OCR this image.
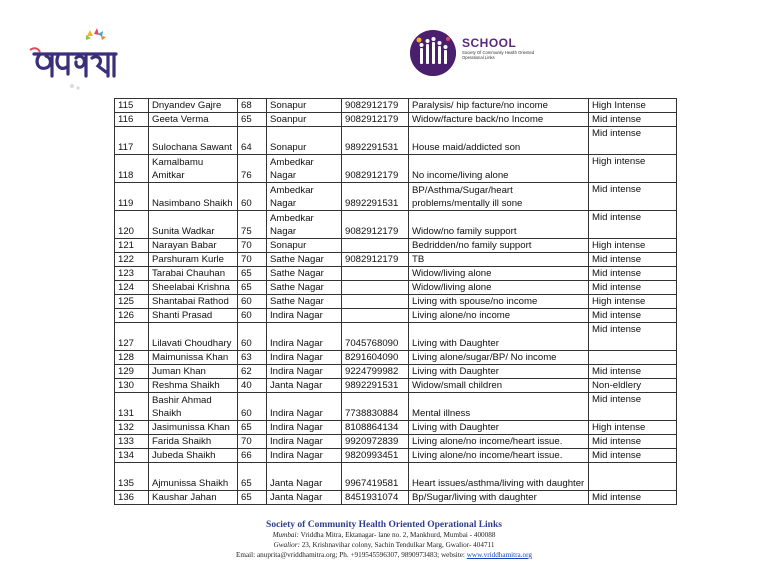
SCHOOL
Society Of Community Health Oriented Operational Links
115	Dnyandev Gajre	68	Sonapur	9082912179	Paralysis/ hip facture/no income	High Intense
116	Geeta Verma	65	Soanpur	9082912179	Widow/facture back/no Income	Mid intense
117	Sulochana Sawant	64	Sonapur	9892291531	House maid/addicted son	Mid intense
118	Kamalbamu Amitkar	76	Ambedkar Nagar	9082912179	No income/living alone	High intense
119	Nasimbano Shaikh	60	Ambedkar Nagar	9892291531	BP/Asthma/Sugar/heart problems/mentally ill sone	Mid intense
120	Sunita Wadkar	75	Ambedkar Nagar	9082912179	Widow/no family support	Mid intense
121	Narayan Babar	70	Sonapur		Bedridden/no family support	High intense
122	Parshuram Kurle	70	Sathe Nagar	9082912179	TB	Mid intense
123	Tarabai Chauhan	65	Sathe Nagar		Widow/living alone	Mid intense
124	Sheelabai Krishna	65	Sathe Nagar		Widow/living alone	Mid intense
125	Shantabai Rathod	60	Sathe Nagar		Living with spouse/no income	High intense
126	Shanti Prasad	60	Indira Nagar		Living alone/no income	Mid intense
127	Lilavati Choudhary	60	Indira Nagar	7045768090	Living with Daughter	Mid intense
128	Maimunissa Khan	63	Indira Nagar	8291604090	Living alone/sugar/BP/ No income	
129	Juman Khan	62	Indira Nagar	9224799982	Living with Daughter	Mid intense
130	Reshma Shaikh	40	Janta Nagar	9892291531	Widow/small children	Non-eldlery
131	Bashir Ahmad Shaikh	60	Indira Nagar	7738830884	Mental illness	Mid intense
132	Jasimunissa Khan	65	Indira Nagar	8108864134	Living with Daughter	High intense
133	Farida Shaikh	70	Indira Nagar	9920972839	Living alone/no income/heart issue.	Mid intense
134	Jubeda Shaikh	66	Indira Nagar	9820993451	Living alone/no income/heart issue.	Mid intense
135	Ajmunissa Shaikh	65	Janta Nagar	9967419581	Heart issues/asthma/living with daughter	
136	Kaushar Jahan	65	Janta Nagar	8451931074	Bp/Sugar/living with daughter	Mid intense
Society of Community Health Oriented Operational Links
Mumbai: Vriddha Mitra, Ektanagar- lane no. 2, Mankhurd, Mumbai - 400088
Gwalior: 23, Krishnavihar colony, Sachin Tendulkar Marg, Gwalior- 404711
Email: anuprita@vriddhamitra.org; Ph. +919545596307, 9890973483; website: www.vriddhamitra.org
